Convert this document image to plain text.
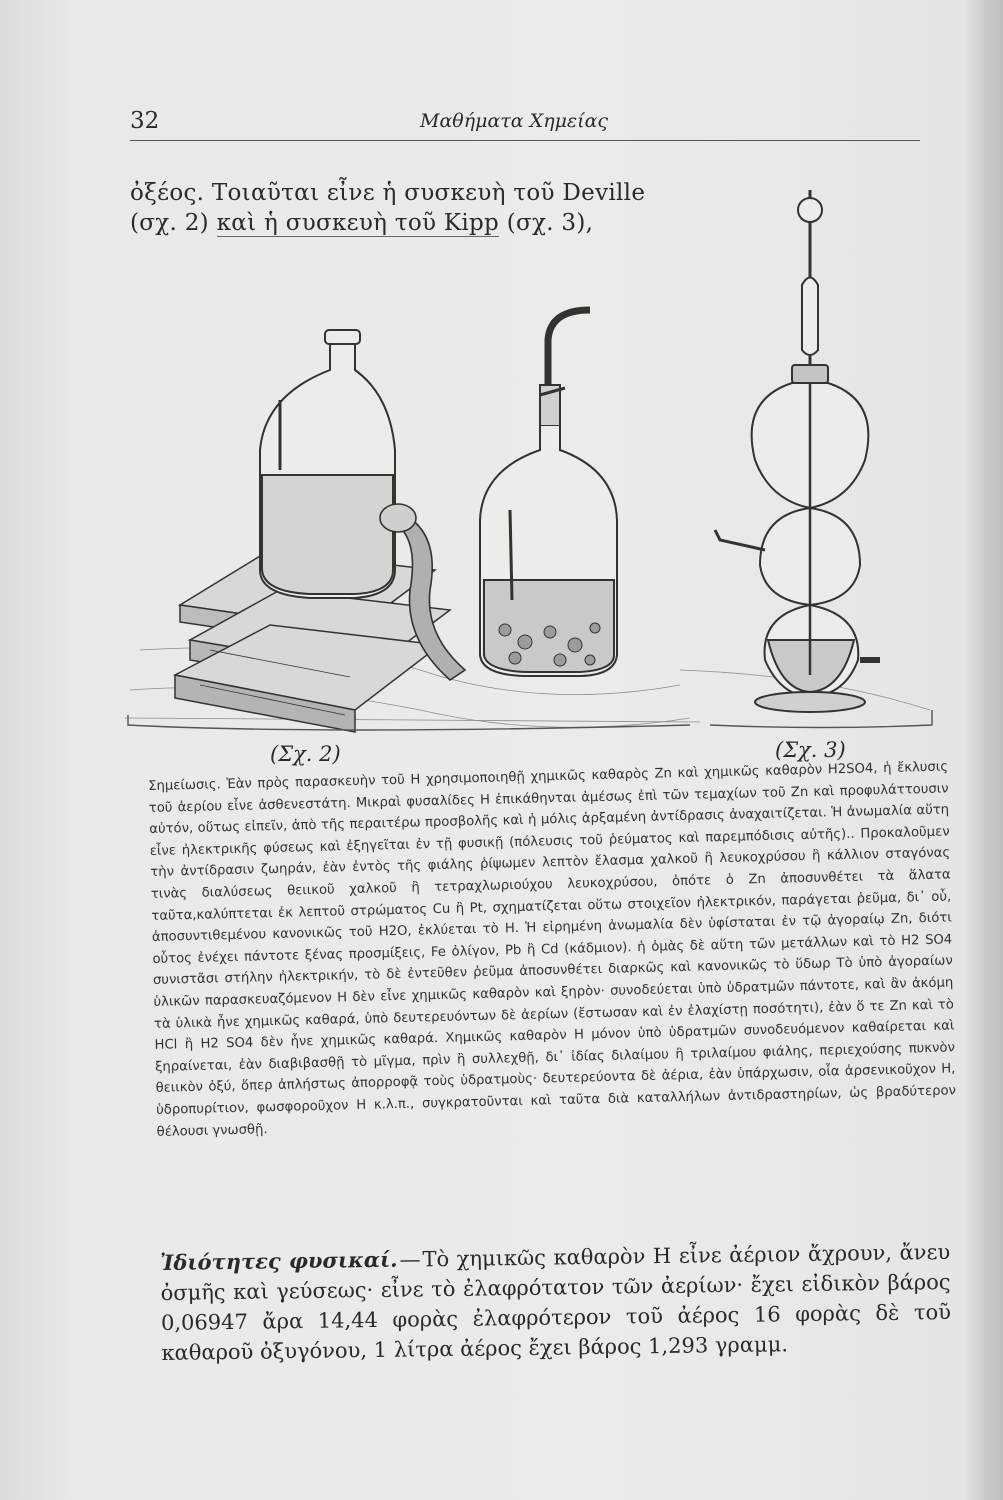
32	Μαθήματα Χημείας
ὀξέος. Τοιαῦται εἶνε ἡ συσκευὴ τοῦ Deville
(σχ. 2) καὶ ἡ συσκευὴ τοῦ Kipp (σχ. 3),
(Σχ. 2)	(Σχ. 3)

Σημείωσις. Ἐὰν πρὸς παρασκευὴν τοῦ Η χρησιμοποιηθῇ χημικῶς καθαρὸς Zn καὶ χημικῶς καθαρὸν H2SO4, ἡ ἔκλυσις τοῦ ἀερίου εἶνε ἀσθενεστάτη. Μικραὶ φυσαλίδες Η ἐπικάθηνται ἀμέσως ἐπὶ τῶν τεμαχίων τοῦ Zn καὶ προφυλάττουσιν αὐτόν, οὕτως εἰπεῖν, ἀπὸ τῆς περαιτέρω προσβολῆς καὶ ἡ μόλις ἀρξαμένη ἀντίδρασις ἀναχαιτίζεται. Ἡ ἀνωμαλία αὕτη εἶνε ἠλεκτρικῆς φύσεως καὶ ἐξηγεῖται ἐν τῇ φυσικῇ (πόλευσις τοῦ ῥεύματος καὶ παρεμπόδισις αὐτῆς).. Προκαλοῦμεν τὴν ἀντίδρασιν ζωηράν, ἐὰν ἐντὸς τῆς φιάλης ῥίψωμεν λεπτὸν ἔλασμα χαλκοῦ ἢ λευκοχρύσου ἢ κάλλιον σταγόνας τινὰς διαλύσεως θειικοῦ χαλκοῦ ἢ τετραχλωριούχου λευκοχρύσου, ὁπότε ὁ Zn ἀποσυνθέτει τὰ ἅλατα ταῦτα,καλύπτεται ἐκ λεπτοῦ στρώματος Cu ἢ Pt, σχηματίζεται οὕτω στοιχεῖον ἠλεκτρικόν, παράγεται ῥεῦμα, δι᾿ οὗ, ἀποσυντιθεμένου κανονικῶς τοῦ H2O, ἐκλύεται τὸ Η. Ἡ εἰρημένη ἀνωμαλία δὲν ὑφίσταται ἐν τῷ ἀγοραίῳ Zn, διότι οὗτος ἐνέχει πάντοτε ξένας προσμίξεις, Fe ὀλίγον, Pb ἢ Cd (κάδμιον). ἡ ὁμὰς δὲ αὕτη τῶν μετάλλων καὶ τὸ H2 SO4 συνιστᾶσι στήλην ἠλεκτρικήν, τὸ δὲ ἐντεῦθεν ῥεῦμα ἀποσυνθέτει διαρκῶς καὶ κανονικῶς τὸ ὕδωρ Τὸ ὑπὸ ἀγοραίων ὑλικῶν παρασκευαζόμενον Η δὲν εἶνε χημικῶς καθαρὸν καὶ ξηρὸν· συνοδεύεται ὑπὸ ὑδρατμῶν πάντοτε, καὶ ἂν ἀκόμη τὰ ὑλικὰ ἦνε χημικῶς καθαρά, ὑπὸ δευτερευόντων δὲ ἀερίων (ἔστωσαν καὶ ἐν ἐλαχίστῃ ποσότητι), ἐὰν ὅ τε Zn καὶ τὸ HCl ἢ H2 SO4 δὲν ἦνε χημικῶς καθαρά. Χημικῶς καθαρὸν Η μόνον ὑπὸ ὑδρατμῶν συνοδευόμενον καθαίρεται καὶ ξηραίνεται, ἐὰν διαβιβασθῇ τὸ μῖγμα, πρὶν ἢ συλλεχθῇ, δι᾿ ἰδίας διλαίμου ἢ τριλαίμου φιάλης, περιεχούσης πυκνὸν θειικὸν ὀξύ, ὅπερ ἀπλήστως ἀπορροφᾷ τοὺς ὑδρατμοὺς· δευτερεύοντα δὲ ἀέρια, ἐὰν ὑπάρχωσιν, οἷα ἀρσενικοῦχον Η, ὑδροπυρίτιον, φωσφοροῦχον Η κ.λ.π., συγκρατοῦνται καὶ ταῦτα διὰ καταλλήλων ἀντιδραστηρίων, ὡς βραδύτερον θέλουσι γνωσθῇ.

Ἰδιότητες φυσικαί.—Τὸ χημικῶς καθαρὸν Η εἶνε ἀέριον ἄχρουν, ἄνευ ὀσμῆς καὶ γεύσεως· εἶνε τὸ ἐλαφρότατον τῶν ἀερίων· ἔχει εἰδικὸν βάρος 0,06947 ἄρα 14,44 φορὰς ἐλαφρότερον τοῦ ἀέρος 16 φορὰς δὲ τοῦ καθαροῦ ὀξυγόνου, 1 λίτρα ἀέρος ἔχει βάρος 1,293 γραμμ.
